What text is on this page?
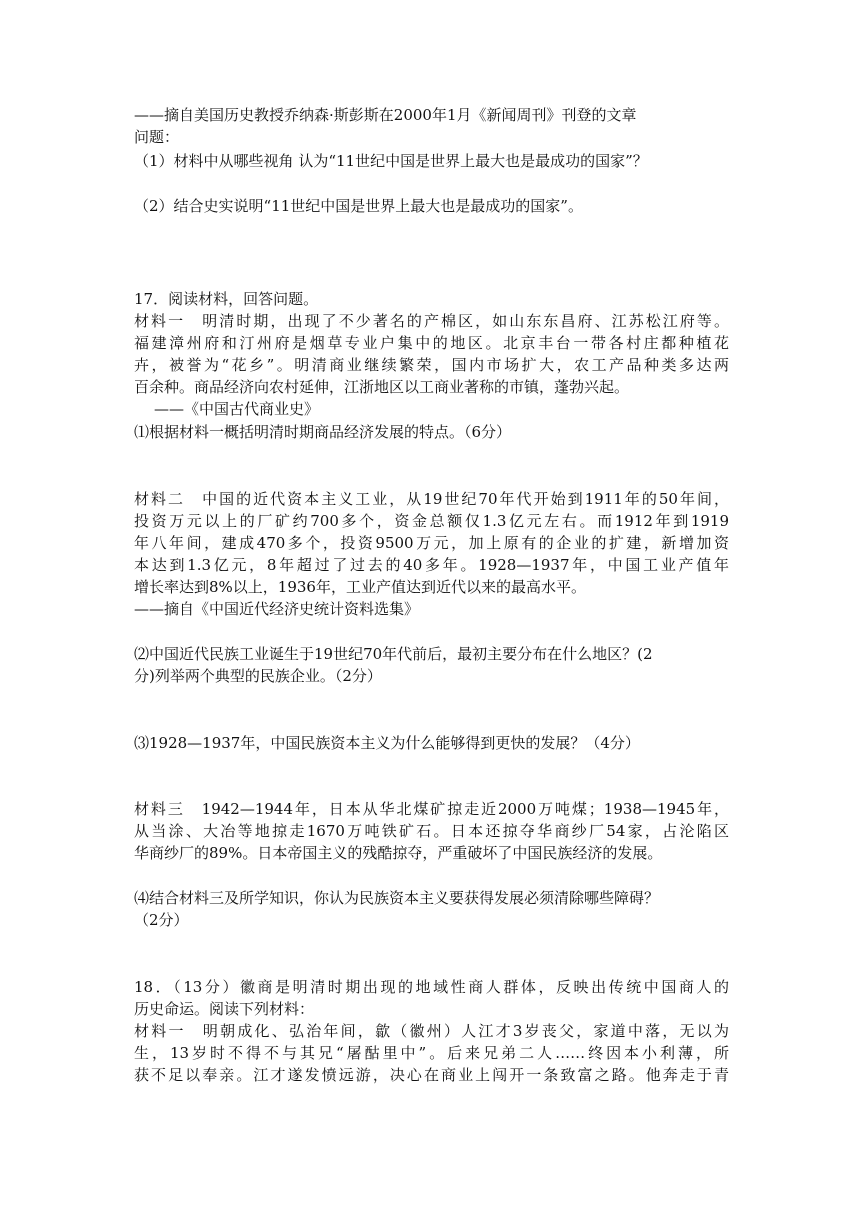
——摘自美国历史教授乔纳森·斯彭斯在2000年1月《新闻周刊》刊登的文章
问题：
（1）材料中从哪些视角 认为“11世纪中国是世界上最大也是最成功的国家”？
（2）结合史实说明“11世纪中国是世界上最大也是最成功的国家”。
17．阅读材料，回答问题。
材料一　明清时期，出现了不少著名的产棉区，如山东东昌府、江苏松江府等。
福建漳州府和汀州府是烟草专业户集中的地区。北京丰台一带各村庄都种植花
卉，被誉为“花乡”。明清商业继续繁荣，国内市场扩大，农工产品种类多达两
百余种。商品经济向农村延伸，江浙地区以工商业著称的市镇，蓬勃兴起。
——《中国古代商业史》
⑴根据材料一概括明清时期商品经济发展的特点。（6分）
材料二　中国的近代资本主义工业，从19世纪70年代开始到1911年的50年间，
投资万元以上的厂矿约700多个，资金总额仅1.3亿元左右。而1912年到1919
年八年间，建成470多个，投资9500万元，加上原有的企业的扩建，新增加资
本达到1.3亿元，8年超过了过去的40多年。1928—1937年，中国工业产值年
增长率达到8%以上，1936年，工业产值达到近代以来的最高水平。
——摘自《中国近代经济史统计资料选集》
⑵中国近代民族工业诞生于19世纪70年代前后，最初主要分布在什么地区？(2
分)列举两个典型的民族企业。（2分）
⑶1928—1937年，中国民族资本主义为什么能够得到更快的发展？（4分）
材料三　1942—1944年，日本从华北煤矿掠走近2000万吨煤；1938—1945年，
从当涂、大冶等地掠走1670万吨铁矿石。日本还掠夺华商纱厂54家，占沦陷区
华商纱厂的89%。日本帝国主义的残酷掠夺，严重破坏了中国民族经济的发展。
⑷结合材料三及所学知识，你认为民族资本主义要获得发展必须清除哪些障碍？
（2分）
18．（13分）徽商是明清时期出现的地域性商人群体，反映出传统中国商人的
历史命运。阅读下列材料：
材料一　明朝成化、弘治年间，歙（徽州）人江才3岁丧父，家道中落，无以为
生，13岁时不得不与其兄“屠酤里中”。后来兄弟二人……终因本小利薄，所
获不足以奉亲。江才遂发愤远游，决心在商业上闯开一条致富之路。他奔走于青
